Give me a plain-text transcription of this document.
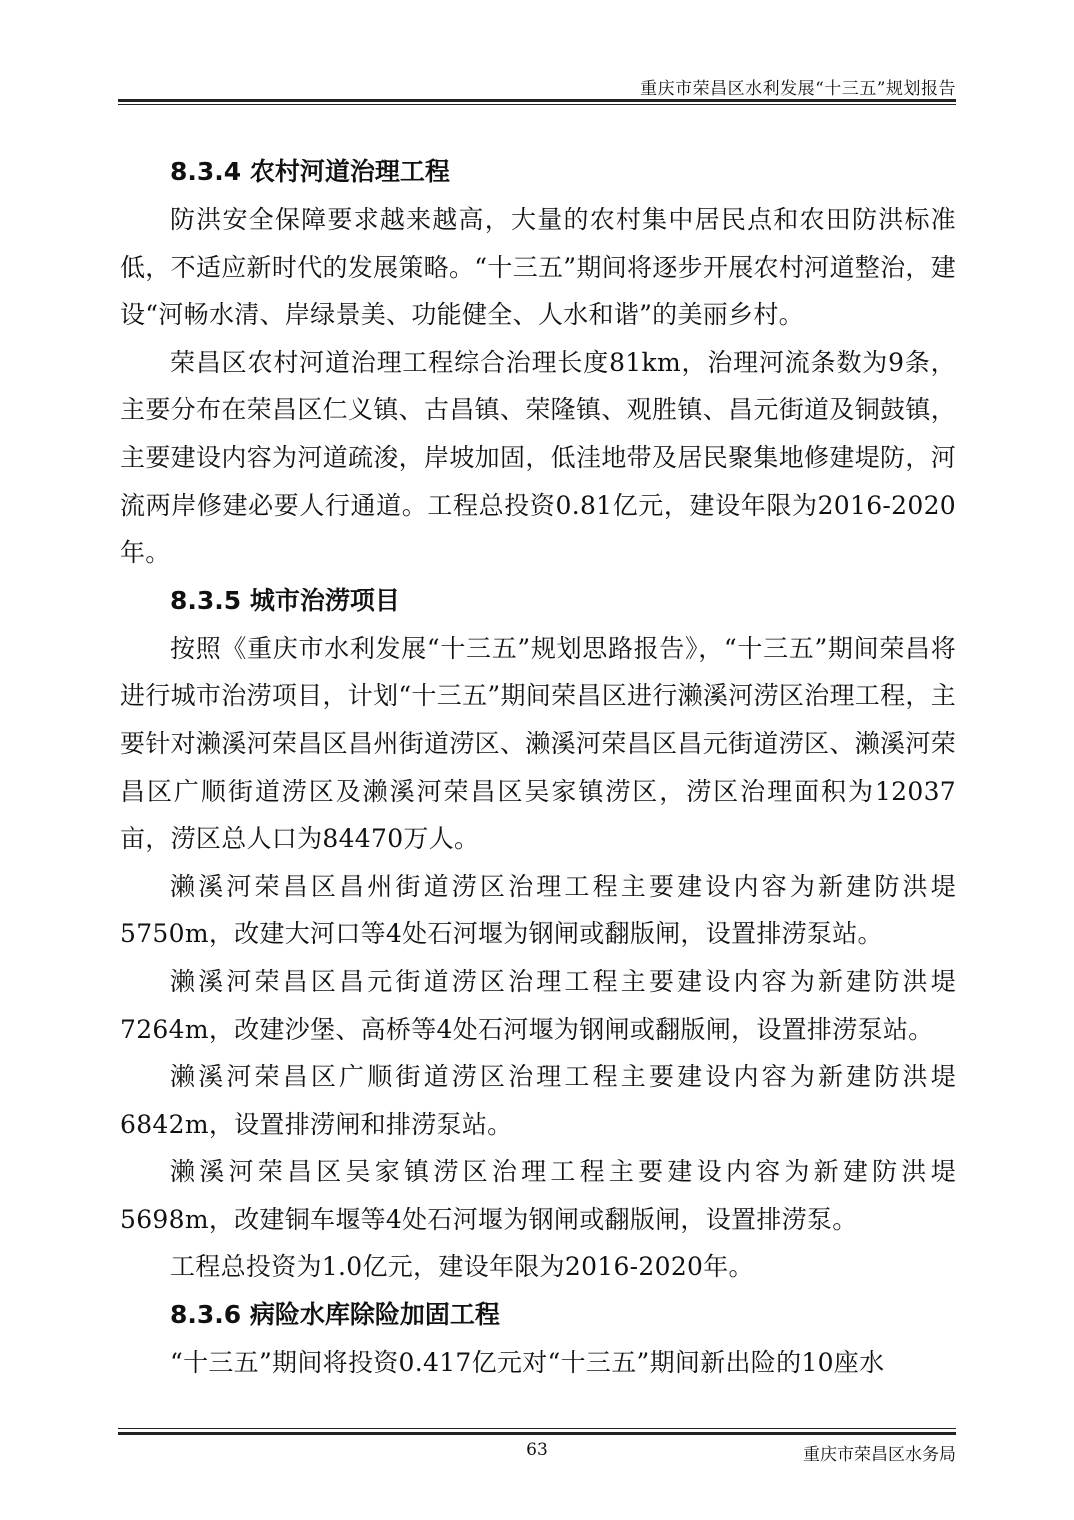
重庆市荣昌区水利发展“十三五”规划报告
8.3.4 农村河道治理工程

防洪安全保障要求越来越高，大量的农村集中居民点和农田防洪标准低，不适应新时代的发展策略。“十三五”期间将逐步开展农村河道整治，建设“河畅水清、岸绿景美、功能健全、人水和谐”的美丽乡村。

荣昌区农村河道治理工程综合治理长度81km，治理河流条数为9条，主要分布在荣昌区仁义镇、古昌镇、荣隆镇、观胜镇、昌元街道及铜鼓镇，主要建设内容为河道疏浚，岸坡加固，低洼地带及居民聚集地修建堤防，河流两岸修建必要人行通道。工程总投资0.81亿元，建设年限为2016-2020年。

8.3.5 城市治涝项目

按照《重庆市水利发展“十三五”规划思路报告》，“十三五”期间荣昌将进行城市治涝项目，计划“十三五”期间荣昌区进行濑溪河涝区治理工程，主要针对濑溪河荣昌区昌州街道涝区、濑溪河荣昌区昌元街道涝区、濑溪河荣昌区广顺街道涝区及濑溪河荣昌区吴家镇涝区，涝区治理面积为12037亩，涝区总人口为84470万人。

濑溪河荣昌区昌州街道涝区治理工程主要建设内容为新建防洪堤5750m，改建大河口等4处石河堰为钢闸或翻版闸，设置排涝泵站。

濑溪河荣昌区昌元街道涝区治理工程主要建设内容为新建防洪堤7264m，改建沙堡、高桥等4处石河堰为钢闸或翻版闸，设置排涝泵站。

濑溪河荣昌区广顺街道涝区治理工程主要建设内容为新建防洪堤6842m，设置排涝闸和排涝泵站。

濑溪河荣昌区吴家镇涝区治理工程主要建设内容为新建防洪堤5698m，改建铜车堰等4处石河堰为钢闸或翻版闸，设置排涝泵。

工程总投资为1.0亿元，建设年限为2016-2020年。

8.3.6 病险水库除险加固工程

“十三五”期间将投资0.417亿元对“十三五”期间新出险的10座水

63	重庆市荣昌区水务局
